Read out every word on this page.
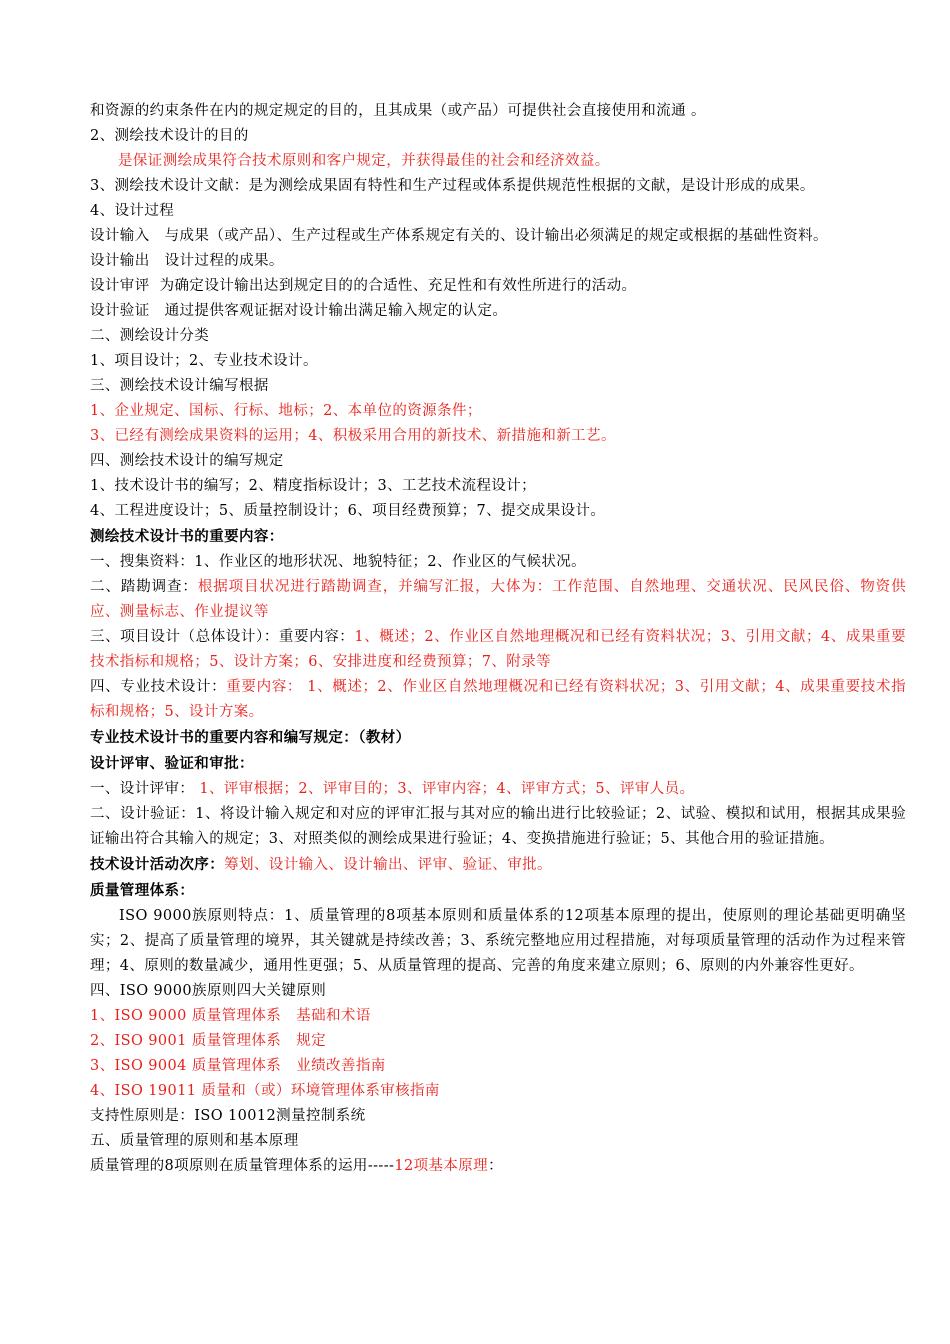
和资源的约束条件在内的规定规定的目的，且其成果（或产品）可提供社会直接使用和流通 。
2、测绘技术设计的目的
是保证测绘成果符合技术原则和客户规定，并获得最佳的社会和经济效益。
3、测绘技术设计文献：是为测绘成果固有特性和生产过程或体系提供规范性根据的文献，是设计形成的成果。
4、设计过程
设计输入   与成果（或产品）、生产过程或生产体系规定有关的、设计输出必须满足的规定或根据的基础性资料。
设计输出   设计过程的成果。
设计审评  为确定设计输出达到规定目的的合适性、充足性和有效性所进行的活动。
设计验证   通过提供客观证据对设计输出满足输入规定的认定。
二、测绘设计分类
1、项目设计；2、专业技术设计。
三、测绘技术设计编写根据
1、企业规定、国标、行标、地标；2、本单位的资源条件；
3、已经有测绘成果资料的运用；4、积极采用合用的新技术、新措施和新工艺。
四、测绘技术设计的编写规定
1、技术设计书的编写；2、精度指标设计；3、工艺技术流程设计；
4、工程进度设计；5、质量控制设计；6、项目经费预算；7、提交成果设计。
测绘技术设计书的重要内容：
一、搜集资料：1、作业区的地形状况、地貌特征；2、作业区的气候状况。
二、踏勘调查：根据项目状况进行踏勘调查，并编写汇报，大体为：工作范围、自然地理、交通状况、民风民俗、物资供应、测量标志、作业提议等
三、项目设计（总体设计）：重要内容：1、概述；2、作业区自然地理概况和已经有资料状况；3、引用文献；4、成果重要技术指标和规格；5、设计方案；6、安排进度和经费预算；7、附录等
四、专业技术设计：重要内容： 1、概述；2、作业区自然地理概况和已经有资料状况；3、引用文献；4、成果重要技术指标和规格；5、设计方案。
专业技术设计书的重要内容和编写规定：（教材）
设计评审、验证和审批：
一、设计评审： 1、评审根据；2、评审目的；3、评审内容；4、评审方式；5、评审人员。
二、设计验证：1、将设计输入规定和对应的评审汇报与其对应的输出进行比较验证；2、试验、模拟和试用，根据其成果验证输出符合其输入的规定；3、对照类似的测绘成果进行验证；4、变换措施进行验证；5、其他合用的验证措施。
技术设计活动次序：筹划、设计输入、设计输出、评审、验证、审批。
质量管理体系：
ISO 9000族原则特点：1、质量管理的8项基本原则和质量体系的12项基本原理的提出，使原则的理论基础更明确坚实；2、提高了质量管理的境界，其关键就是持续改善；3、系统完整地应用过程措施，对每项质量管理的活动作为过程来管理；4、原则的数量减少，通用性更强；5、从质量管理的提高、完善的角度来建立原则；6、原则的内外兼容性更好。
四、ISO 9000族原则四大关键原则
1、ISO 9000 质量管理体系   基础和术语
2、ISO 9001 质量管理体系   规定
3、ISO 9004 质量管理体系   业绩改善指南
4、ISO 19011 质量和（或）环境管理体系审核指南
支持性原则是：ISO 10012测量控制系统
五、质量管理的原则和基本原理
质量管理的8项原则在质量管理体系的运用-----12项基本原理：
